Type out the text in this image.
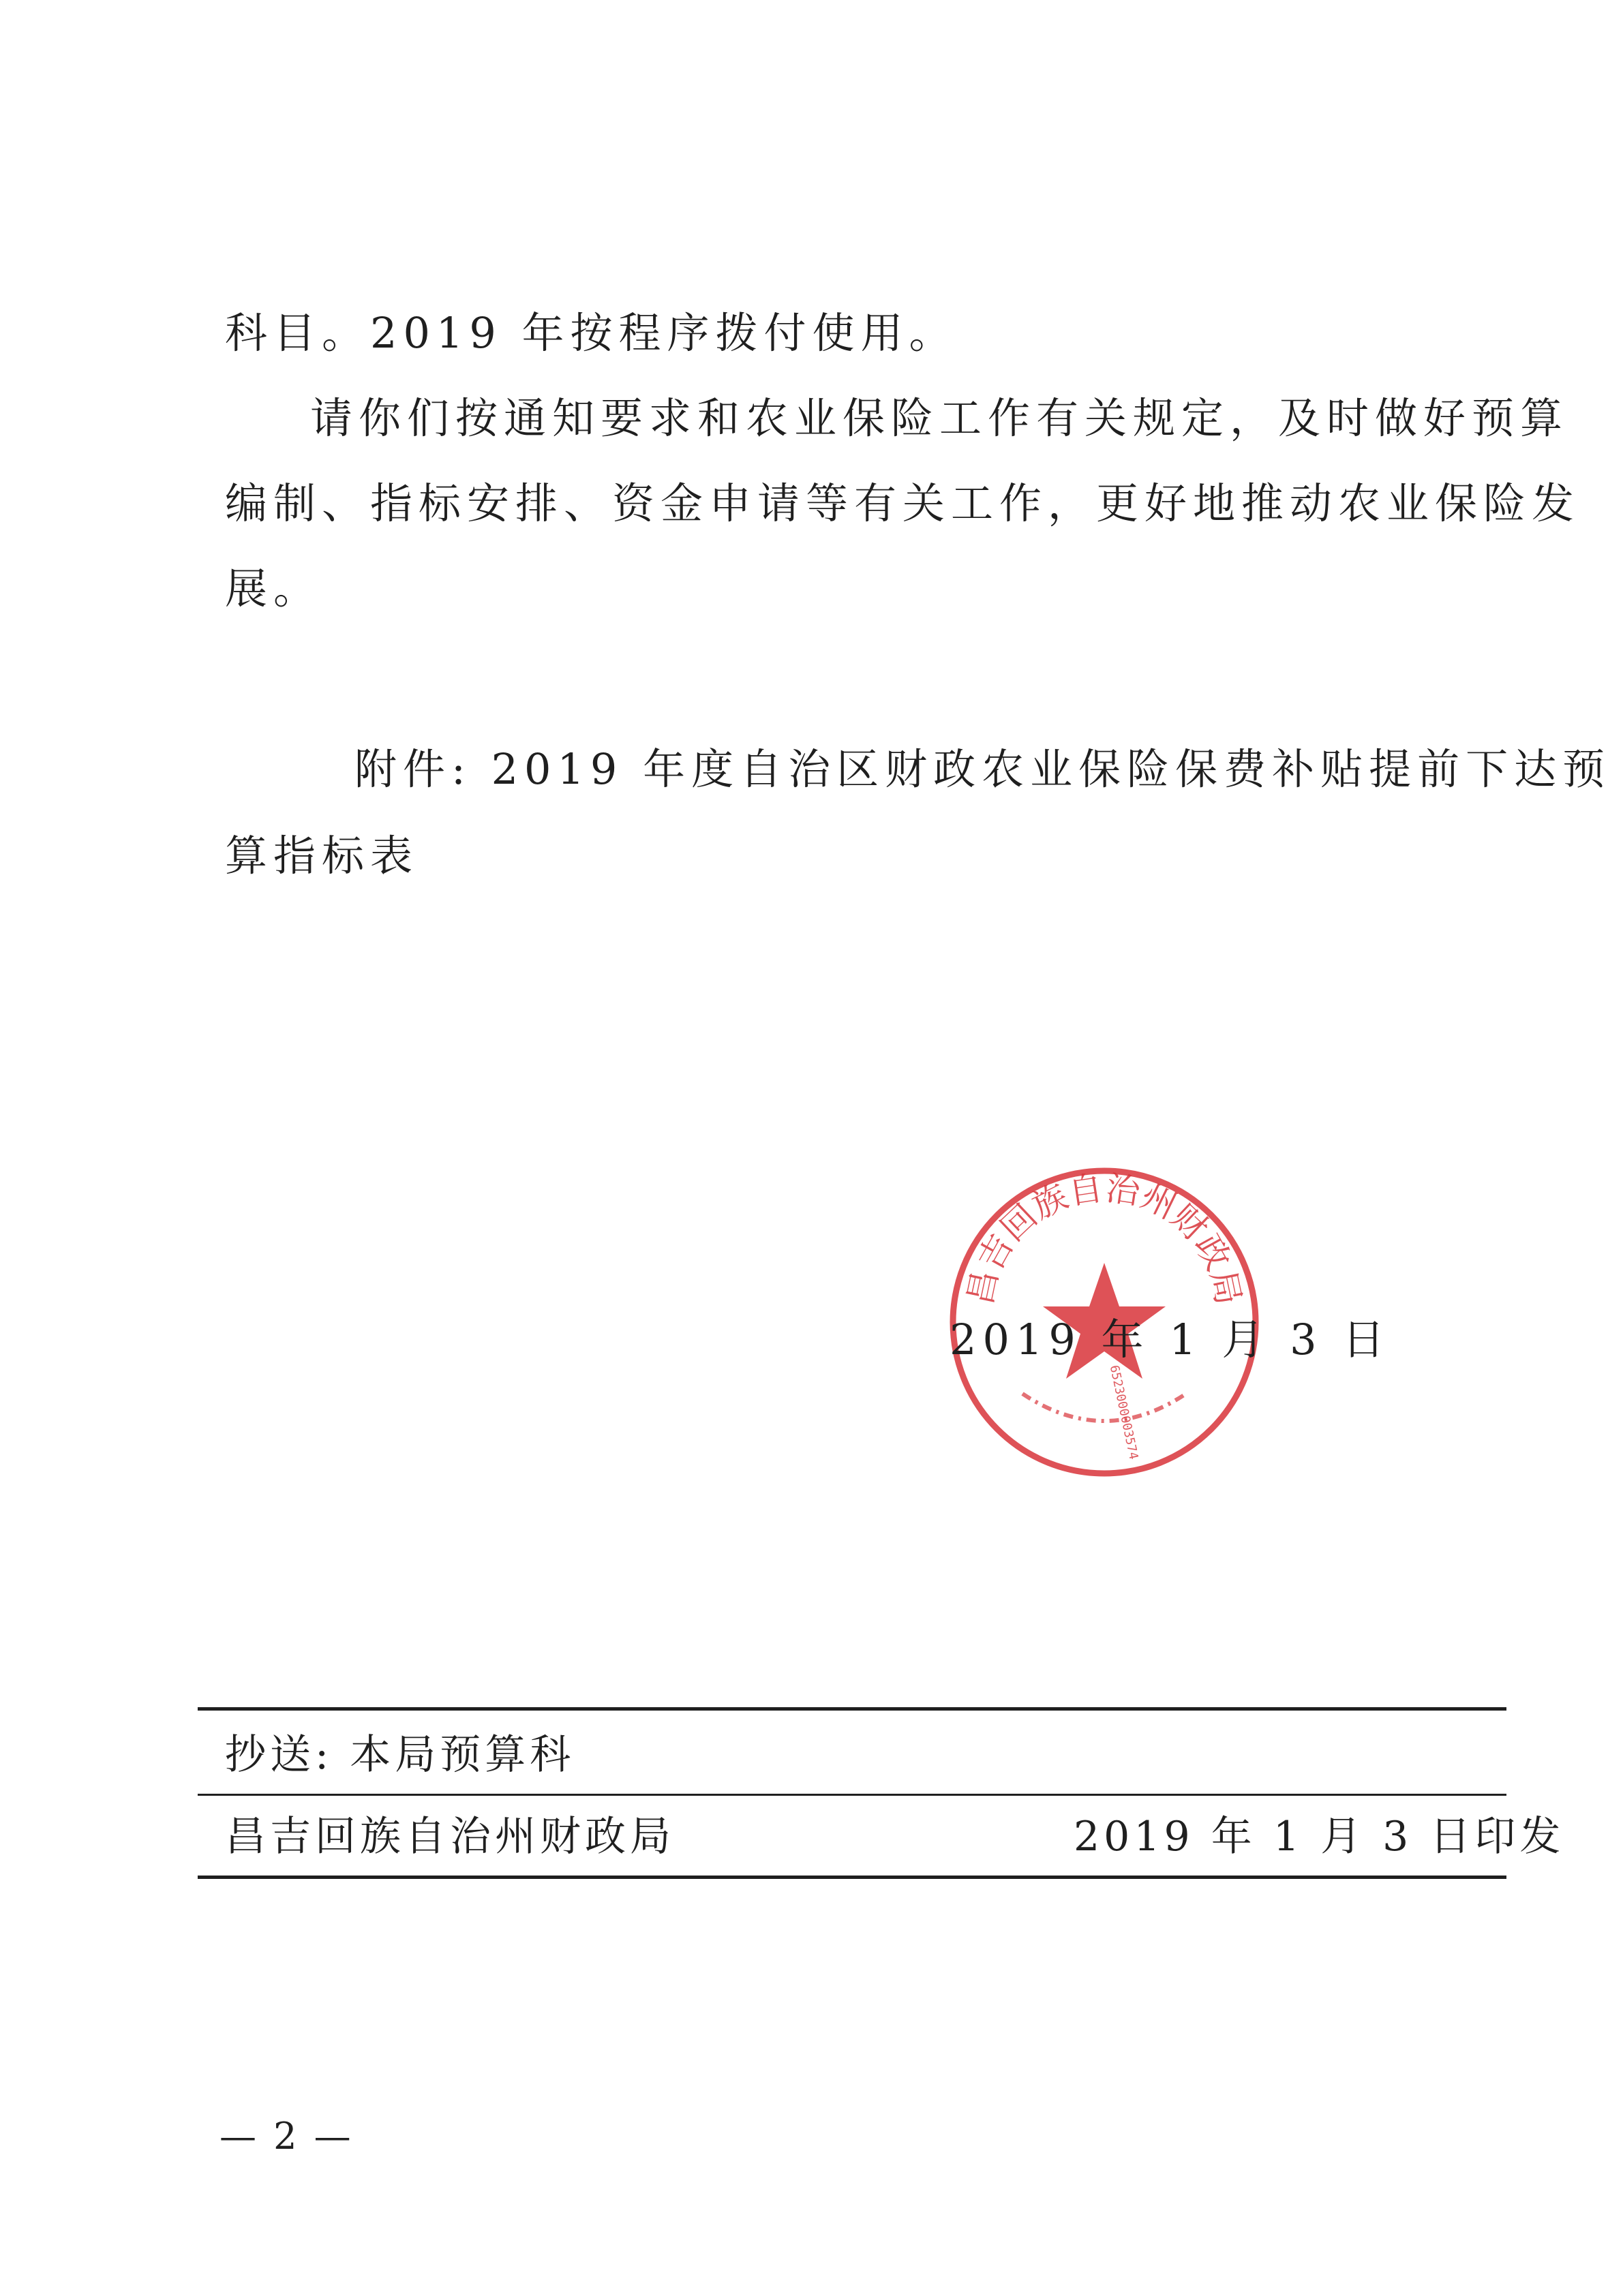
科目。2019 年按程序拨付使用。
请你们按通知要求和农业保险工作有关规定，及时做好预算
编制、指标安排、资金申请等有关工作，更好地推动农业保险发
展。
附件: 2019 年度自治区财政农业保险保费补贴提前下达预
算指标表
昌吉回族自治州财政局
6523000003574
2019 年 1 月 3 日
抄送: 本局预算科
昌吉回族自治州财政局	2019 年 1 月 3 日印发
— 2 —
